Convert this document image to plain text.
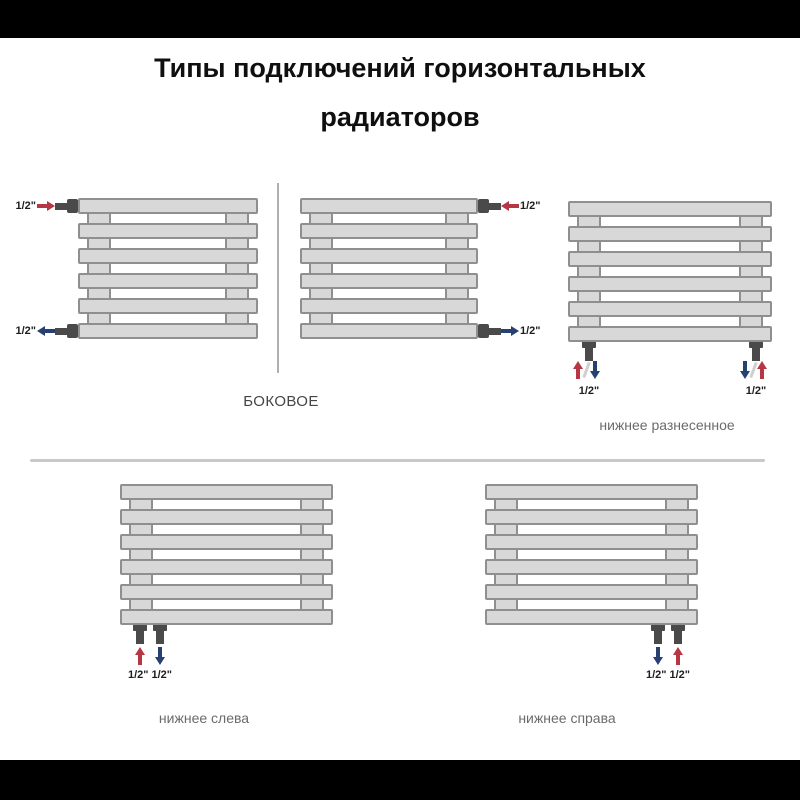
Типы подключений горизонтальных
радиаторов
1/2"
1/2"
1/2"
1/2"
БОКОВОЕ
1/2"	1/2"
нижнее разнесенное
1/2" 1/2"
нижнее слева
1/2" 1/2"
нижнее справа
